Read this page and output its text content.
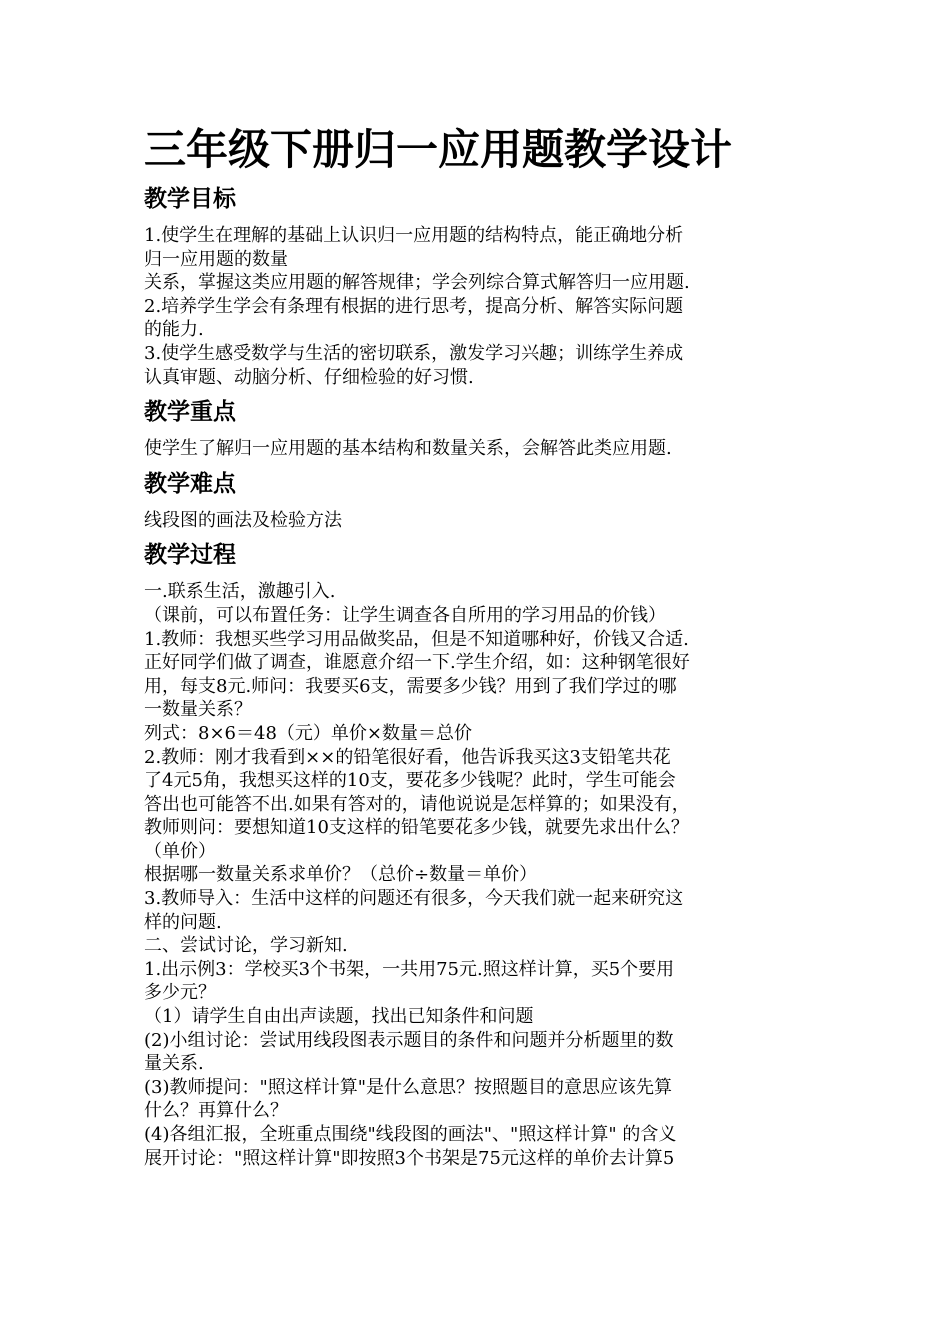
三年级下册归一应用题教学设计
教学目标

1.使学生在理解的基础上认识归一应用题的结构特点，能正确地分析

归一应用题的数量

关系，掌握这类应用题的解答规律；学会列综合算式解答归一应用题.

2.培养学生学会有条理有根据的进行思考，提高分析、解答实际问题

的能力.

3.使学生感受数学与生活的密切联系，激发学习兴趣；训练学生养成

认真审题、动脑分析、仔细检验的好习惯.

教学重点

使学生了解归一应用题的基本结构和数量关系，会解答此类应用题.

教学难点

线段图的画法及检验方法

教学过程

一.联系生活，激趣引入.

（课前，可以布置任务：让学生调查各自所用的学习用品的价钱）

1.教师：我想买些学习用品做奖品，但是不知道哪种好，价钱又合适.

正好同学们做了调查，谁愿意介绍一下.学生介绍，如：这种钢笔很好

用，每支8元.师问：我要买6支，需要多少钱？用到了我们学过的哪

一数量关系？

列式：8×6＝48（元）单价×数量＝总价

2.教师：刚才我看到××的铅笔很好看，他告诉我买这3支铅笔共花

了4元5角，我想买这样的10支，要花多少钱呢？此时，学生可能会

答出也可能答不出.如果有答对的，请他说说是怎样算的；如果没有，

教师则问：要想知道10支这样的铅笔要花多少钱，就要先求出什么？

（单价）

根据哪一数量关系求单价？（总价÷数量＝单价）

3.教师导入：生活中这样的问题还有很多，今天我们就一起来研究这

样的问题.

二、尝试讨论，学习新知.

1.出示例3：学校买3个书架，一共用75元.照这样计算，买5个要用

多少元？

（1）请学生自由出声读题，找出已知条件和问题

(2)小组讨论：尝试用线段图表示题目的条件和问题并分析题里的数

量关系.

(3)教师提问："照这样计算"是什么意思？按照题目的意思应该先算

什么？再算什么？

(4)各组汇报，全班重点围绕"线段图的画法"、"照这样计算" 的含义

展开讨论："照这样计算"即按照3个书架是75元这样的单价去计算5
